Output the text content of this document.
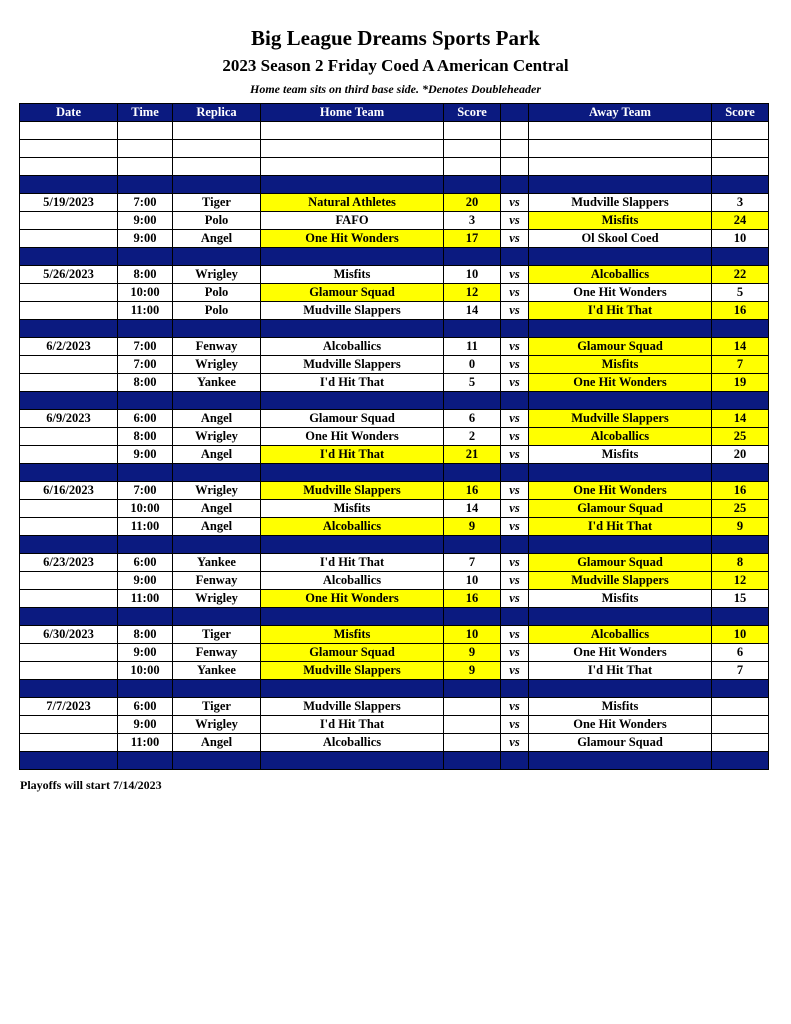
Big League Dreams Sports Park
2023 Season 2 Friday Coed A American Central
Home team sits on third base side. *Denotes Doubleheader
Date	Time	Replica	Home Team	Score		Away Team	Score

5/19/2023	7:00	Tiger	Natural Athletes	20	vs	Mudville Slappers	3
	9:00	Polo	FAFO	3	vs	Misfits	24
	9:00	Angel	One Hit Wonders	17	vs	Ol Skool Coed	10

5/26/2023	8:00	Wrigley	Misfits	10	vs	Alcoballics	22
	10:00	Polo	Glamour Squad	12	vs	One Hit Wonders	5
	11:00	Polo	Mudville Slappers	14	vs	I'd Hit That	16

6/2/2023	7:00	Fenway	Alcoballics	11	vs	Glamour Squad	14
	7:00	Wrigley	Mudville Slappers	0	vs	Misfits	7
	8:00	Yankee	I'd Hit That	5	vs	One Hit Wonders	19

6/9/2023	6:00	Angel	Glamour Squad	6	vs	Mudville Slappers	14
	8:00	Wrigley	One Hit Wonders	2	vs	Alcoballics	25
	9:00	Angel	I'd Hit That	21	vs	Misfits	20

6/16/2023	7:00	Wrigley	Mudville Slappers	16	vs	One Hit Wonders	16
	10:00	Angel	Misfits	14	vs	Glamour Squad	25
	11:00	Angel	Alcoballics	9	vs	I'd Hit That	9

6/23/2023	6:00	Yankee	I'd Hit That	7	vs	Glamour Squad	8
	9:00	Fenway	Alcoballics	10	vs	Mudville Slappers	12
	11:00	Wrigley	One Hit Wonders	16	vs	Misfits	15

6/30/2023	8:00	Tiger	Misfits	10	vs	Alcoballics	10
	9:00	Fenway	Glamour Squad	9	vs	One Hit Wonders	6
	10:00	Yankee	Mudville Slappers	9	vs	I'd Hit That	7

7/7/2023	6:00	Tiger	Mudville Slappers		vs	Misfits	
	9:00	Wrigley	I'd Hit That		vs	One Hit Wonders	
	11:00	Angel	Alcoballics		vs	Glamour Squad	

Playoffs will start 7/14/2023
